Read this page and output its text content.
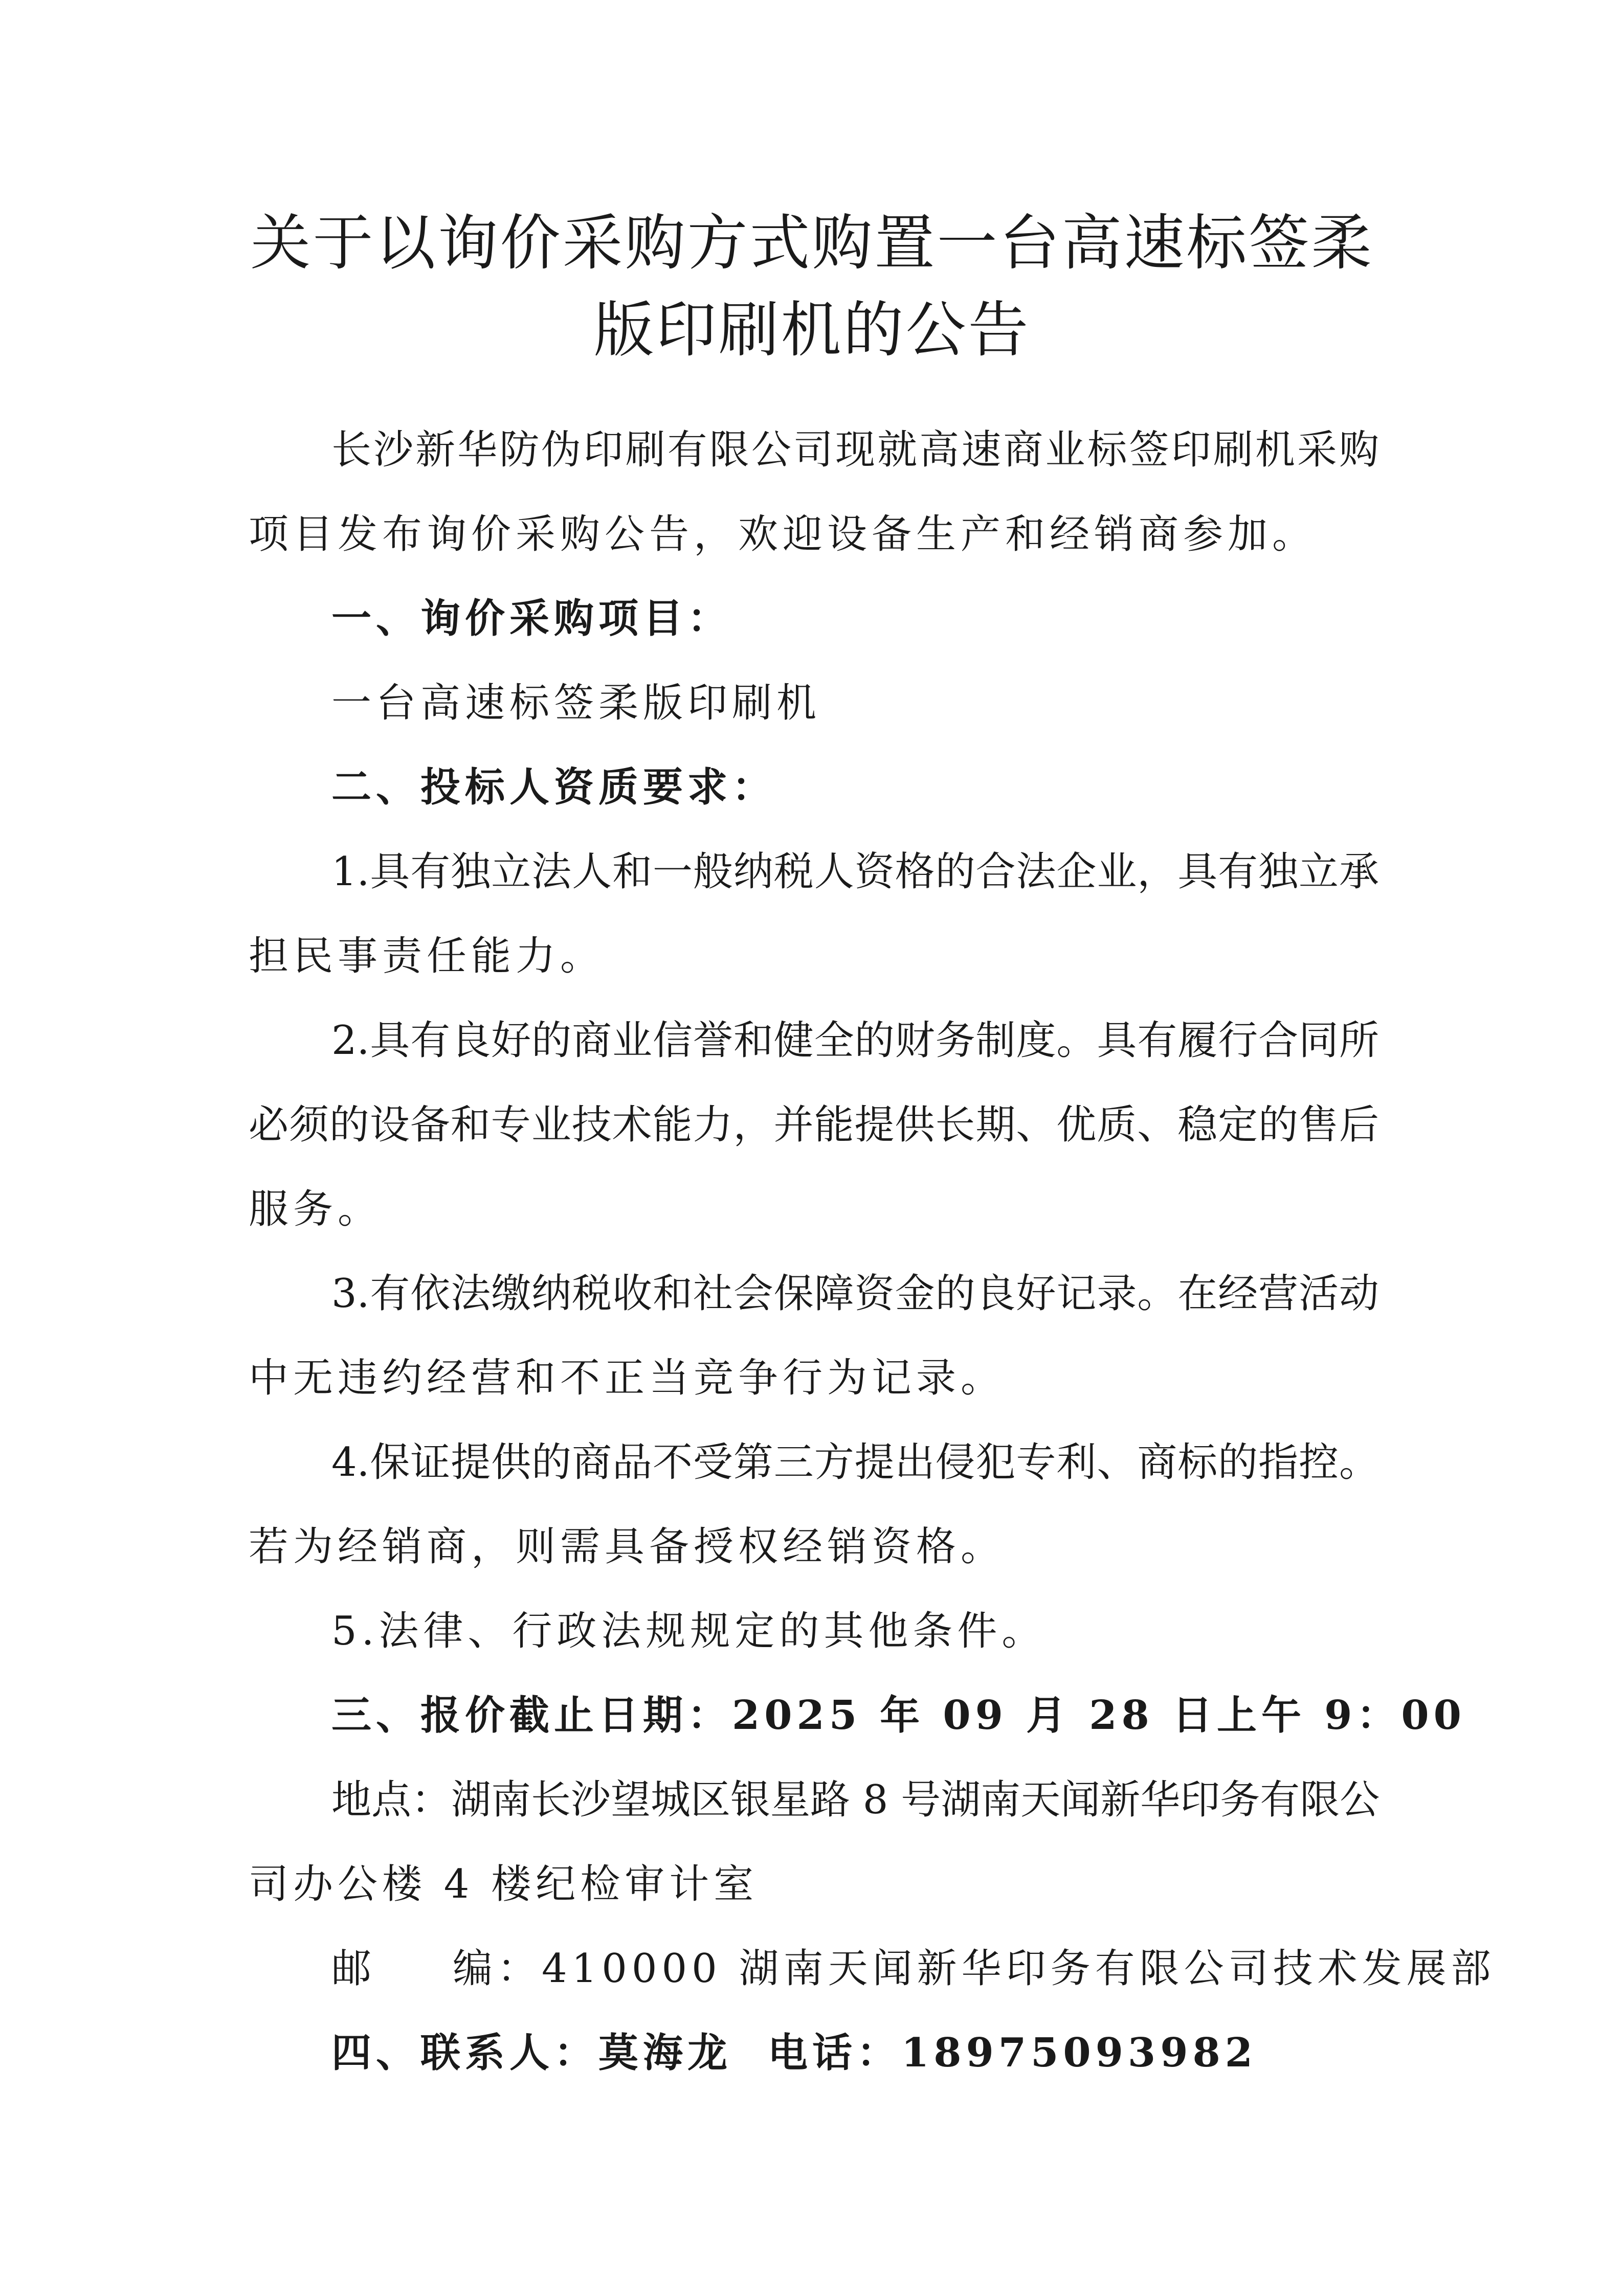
关于以询价采购方式购置一台高速标签柔
版印刷机的公告
长沙新华防伪印刷有限公司现就高速商业标签印刷机采购
项目发布询价采购公告，欢迎设备生产和经销商参加。
一、询价采购项目：
一台高速标签柔版印刷机
二、投标人资质要求：
1.具有独立法人和一般纳税人资格的合法企业，具有独立承
担民事责任能力。
2.具有良好的商业信誉和健全的财务制度。具有履行合同所
必须的设备和专业技术能力，并能提供长期、优质、稳定的售后
服务。
3.有依法缴纳税收和社会保障资金的良好记录。在经营活动
中无违约经营和不正当竞争行为记录。
4.保证提供的商品不受第三方提出侵犯专利、商标的指控。
若为经销商，则需具备授权经销资格。
5.法律、行政法规规定的其他条件。
三、报价截止日期：2025 年 09 月 28 日上午 9：00
地点：湖南长沙望城区银星路 8 号湖南天闻新华印务有限公
司办公楼 4 楼纪检审计室
邮 编：410000 湖南天闻新华印务有限公司技术发展部
四、联系人：莫海龙 电话：18975093982
